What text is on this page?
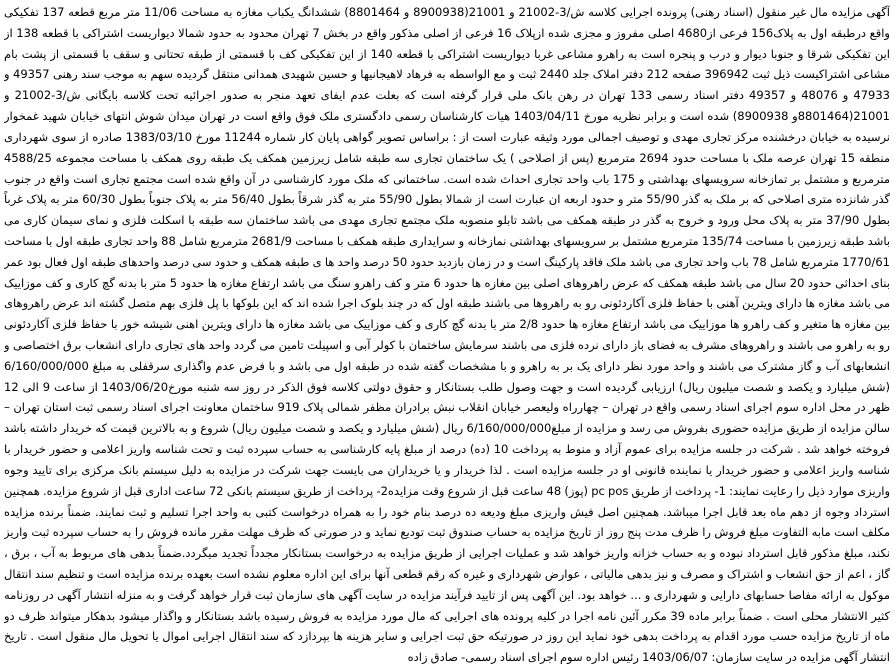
آگهی مزایده مال غیر منقول (اسناد رهنی) پرونده اجرایی کلاسه ش/3-21002 و 21001(8900938 و 8801464) ششدانگ یکباب مغازه به مساحت 11/06 متر مربع قطعه 137 تفکیکی واقع درطبقه اول به پلاک156 فرعی از4680 اصلی مفروز و مجزی شده ازپلاک 16 فرعی از اصلی مذکور واقع در بخش 7 تهران محدود به حدود شمالا دیواریست اشتراکی با قطعه 138 از این تفکیکی شرقا و جنوبا دیوار و درب و پنجره است به راهرو مشاعی غربا دیواریست اشتراکی با قطعه 140 از این تفکیکی کف با قسمتی از طبقه تحتانی و سقف با قسمتی از پشت بام مشاعی اشتراکیست ذیل ثبت 396942 صفحه 212 دفتر املاک جلد 2440 ثبت و مع الواسطه به فرهاد لاهیجانیها و حسین شهیدی همدانی منتقل گردیده سهم به موجب سند رهنی 49357 و 47933 و 48076 و 49357 دفتر اسناد رسمی 133 تهران در رهن بانک ملی قرار گرفته است که بعلت عدم ایفای تعهد منجر به صدور اجرائیه تحت کلاسه بایگانی ش/3-21002 و 21001(8801464و 8900938) شده است و برابر نظریه مورخ 1403/04/11 هیات کارشناسان رسمی دادگستری ملک فوق واقع است در تهران میدان شوش انتهای خیابان شهید غمخوار نرسیده به خیابان درخشنده مرکز تجاری مهدی و توصیف اجمالی مورد وثیقه عبارت است از : براساس تصویر گواهی پایان کار شماره 11244 مورخ 1383/03/10 صادره از سوی شهرداری منطقه 15 تهران عرصه ملک با مساحت حدود 2694 مترمربع (پس از اصلاحی ) یک ساختمان تجاری سه طبقه شامل زیرزمین همکف یک طبقه روی همکف با مساحت مجموعه 4588/25 مترمربع و مشتمل بر تمازخانه سرویسهای بهداشتی و 175 باب واحد تجاری احداث شده است. ساختمانی که ملک مورد کارشناسی در آن واقع شده است مجتمع تجاری است واقع در جنوب گذر شانزده متری اصلاحی که بر ملک به گذر 55/90 متر و حدود اربعه ان عبارت است از شمالا بطول 55/90 متر به گذر شرقاً بطول 56/40 متر به پلاک جنوباً بطول 60/30 متر به پلاک غرباً بطول 37/90 متر به پلاک محل ورود و خروج به گذر در طبقه همکف می باشد تابلو منصوبه ملک مجتمع تجاری مهدی می باشد ساختمان سه طبقه با اسکلت فلزی و نمای سیمان کاری می باشد طبقه زیرزمین با مساحت 135/74 مترمربع مشتمل بر سرویسهای بهداشتی نمازخانه و سرایداری طبقه همکف با مساحت 2681/9 مترمربع شامل 88 واحد تجاری طبقه اول با مساحت 1770/61 مترمربع شامل 78 باب واحد تجاری می باشد ملک فاقد پارکینگ است و در زمان بازدید حدود 50 درصد واحد ها ی طبقه همکف و حدود سی درصد واحدهای طبقه اول فعال بود عمر بنای احداثی حدود 20 سال می باشد طبقه همکف که عرض راهروهای اصلی بین مغازه ها حدود 6 متر و کف راهرو سنگ می باشد ارتفاع مغازه ها حدود 5 متر با بدنه گچ کاری و کف موزاییک می باشد مغازه ها دارای ویترین آهنی با حفاظ فلزی آکاردئونی رو به راهروها می باشند طبقه اول که در چند بلوک اجرا شده اند که این بلوکها با پل فلزی بهم متصل گشته اند عرض راهروهای بین مغازه ها متغیر و کف راهرو ها موزاییک می باشد ارتفاع مغازه ها حدود 2/8 متر با بدنه گچ کاری و کف موزاییک می باشد مغازه ها دارای ویترین اهنی شیشه خور با حفاظ فلزی آکاردئونی رو به راهرو می باشند و راهروهای مشرف به فضای باز دارای نرده فلزی می باشند سرمایش ساختمان با کولر آبی و اسپیلت تامین می گردد واحد های تجاری دارای انشعاب برق اختصاصی و انشعابهای آب و گاز مشترک می باشند و واحد مورد نظر دارای یک بر به راهرو و با مشخصات گفته شده در طبقه اول می باشد و با فرض عدم واگذاری سرقفلی به مبلغ 6/160/000/000 (شش میلیارد و یکصد و شصت میلیون ریال) ارزیابی گردیده است و جهت وصول طلب بستانکار و حقوق دولتی کلاسه فوق الذکر در روز سه شنبه مورخ1403/06/20 از ساعت 9 الی 12 ظهر در محل اداره سوم اجرای اسناد رسمی واقع در تهران – چهارراه ولیعصر خیابان انقلاب نبش برادران مظفر شمالی پلاک 919 ساختمان معاونت اجرای اسناد رسمی ثبت استان تهران – سالن مزایده از طریق مزایده حضوری بفروش می رسد و مزایده از مبلغ6/160/000/000 ریال (شش میلیارد و یکصد و شصت میلیون ریال) شروع و به بالاترین قیمت که خریدار داشته باشد فروخته خواهد شد . شرکت در جلسه مزایده برای عموم آزاد و منوط به پرداخت 10 (ده) درصد از مبلغ پایه کارشناسی به حساب سپرده ثبت و تحت شناسه واریز اعلامی و حضور خریدار با شناسه واریز اعلامی و حضور خریدار یا نماینده قانونی او در جلسه مزایده است . لذا خریدار و یا خریداران می بایست جهت شرکت در مزایده به دلیل سیستم بانک مرکزی برای تایید وجوه واریزی موارد ذیل را رعایت نمایند: 1- پرداخت از طریق pc pos (پوز) 48 ساعت قبل از شروع وقت مزایده2- پرداخت از طریق سیستم بانکی 72 ساعت اداری قبل از شروع مزایده. همچنین استرداد وجوه از دهم ماه بعد قابل اجرا میباشد. همچنین اصل فیش واریزی مبلغ ودیعه ده درصد بنام خود را به همراه درخواست کتبی به واحد اجرا تسلیم و ثبت نمایند. ضمناً برنده مزایده مکلف است مابه التفاوت مبلغ فروش را ظرف مدت پنج روز از تاریخ مزایده به حساب صندوق ثبت تودیع نماید و در صورتی که ظرف مهلت مقرر مانده فروش را به حساب سپرده ثبت واریز نکند، مبلغ مذکور قابل استرداد نبوده و به حساب خزانه واریز خواهد شد و عملیات اجرایی از طریق مزایده به درخواست بستانکار مجدداً تجدید میگردد.ضمناً بدهی های مربوط به آب ، برق ، گاز ، اعم از حق انشعاب و اشتراک و مصرف و نیز بدهی مالیاتی ، عوارض شهرداری و غیره که رقم قطعی آنها برای این اداره معلوم نشده است بعهده برنده مزایده است و تنظیم سند انتقال موکول به ارائه مفاصا حسابهای دارایی و شهرداری و ... خواهد بود. این آگهی پس از تایید فرآیند مزایده در سایت آگهی های سازمان ثبت قرار خواهد گرفت و به منزله انتشار آگهی در روزنامه کثیر الانتشار محلی است . ضمناً برابر ماده 39 مکرر آئین نامه اجرا در کلیه پرونده های اجرایی که مال مورد مزایده به فروش رسیده باشد بستانکار و واگذار میشود بدهکار میتواند ظرف دو ماه از تاریخ مزایده حسب مورد اقدام به پرداخت بدهی خود نماید این روز در صورتیکه حق ثبت اجرایی و سایر هزینه ها بپردازد که سند انتقال اجرایی اموال یا تحویل مال منقول است . تاریخ انتشار آگهی مزایده در سایت سازمان: 1403/06/07 رئیس اداره سوم اجرای اسناد رسمی- صادق زاده
